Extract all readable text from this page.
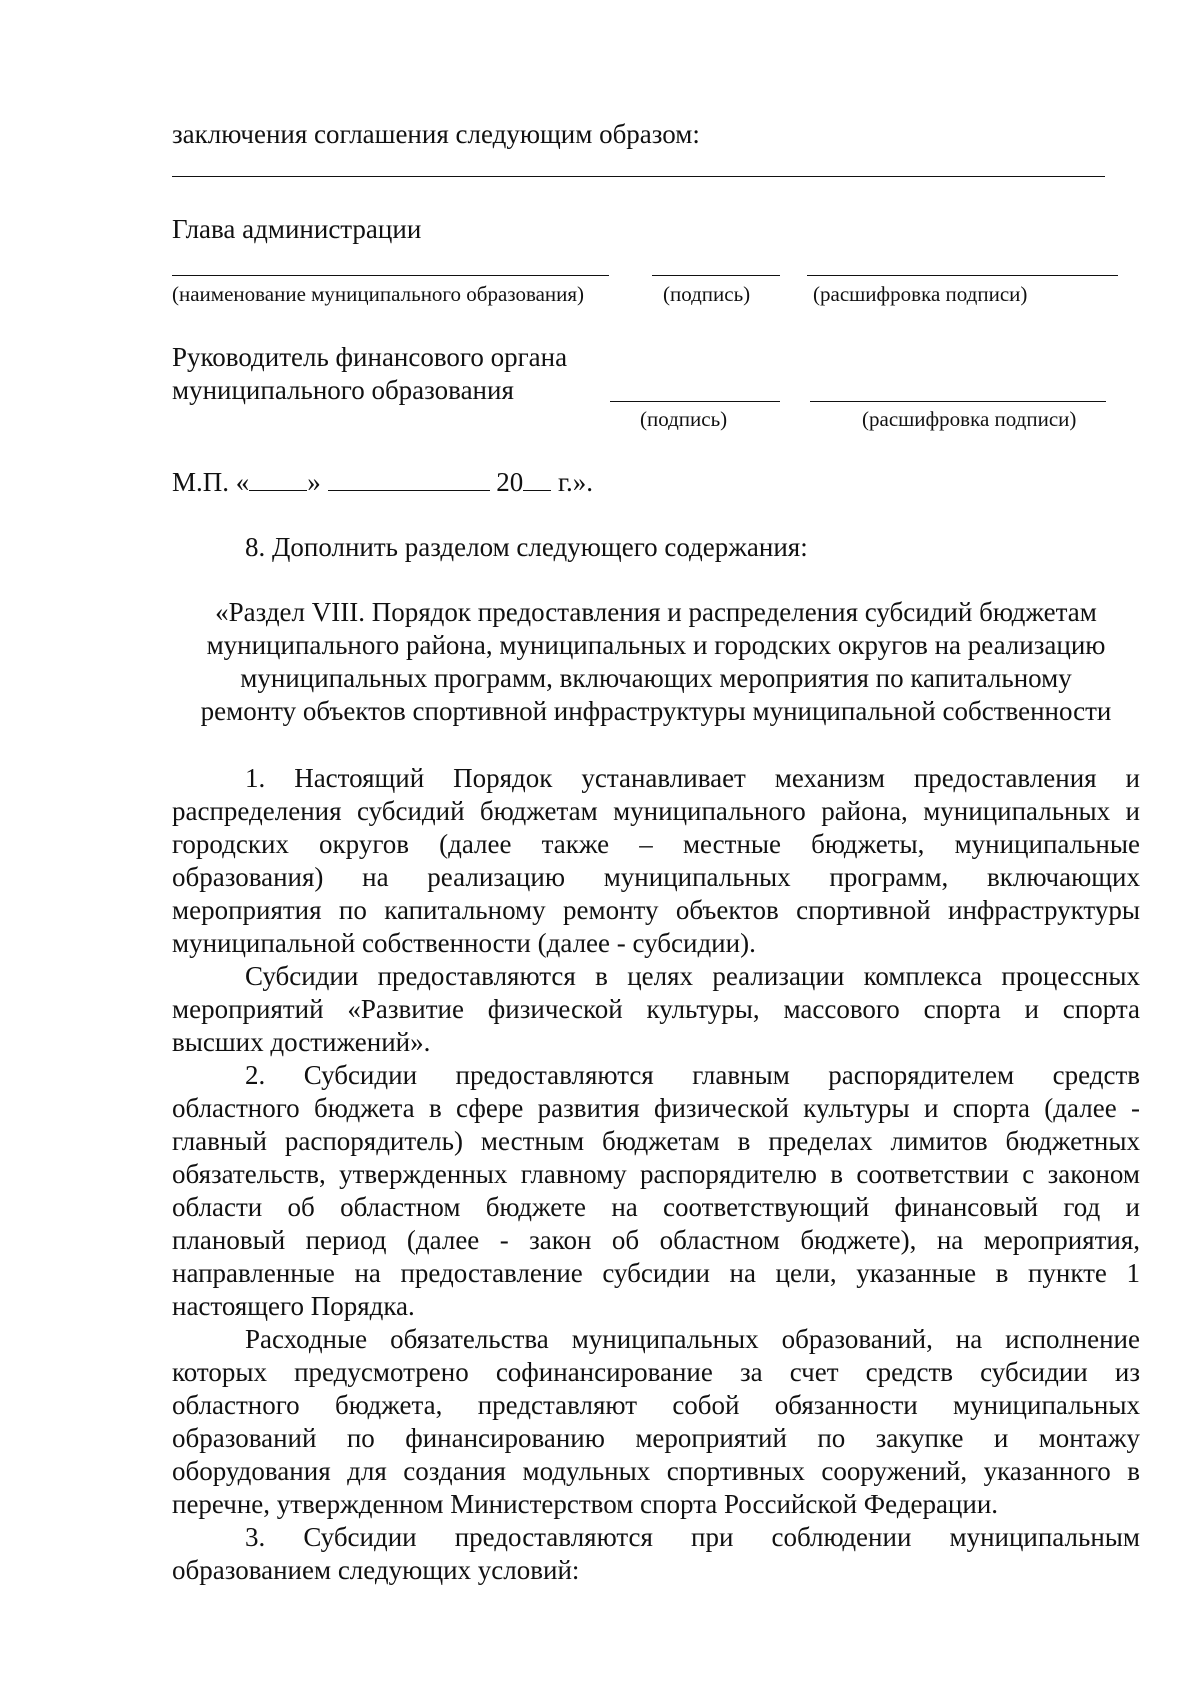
заключения соглашения следующим образом:
Глава администрации
(наименование муниципального образования)	(подпись)	(расшифровка подписи)
Руководитель финансового органа
муниципального образования
(подпись)	(расшифровка подписи)
М.П. « »	20 г.».
8. Дополнить разделом следующего содержания:
«Раздел VIII. Порядок предоставления и распределения субсидий бюджетам
муниципального района, муниципальных и городских округов на реализацию
муниципальных программ, включающих мероприятия по капитальному
ремонту объектов спортивной инфраструктуры муниципальной собственности
1. Настоящий Порядок устанавливает механизм предоставления и
распределения субсидий бюджетам муниципального района, муниципальных и
городских округов (далее также – местные бюджеты, муниципальные
образования) на реализацию муниципальных программ, включающих
мероприятия по капитальному ремонту объектов спортивной инфраструктуры
муниципальной собственности (далее - субсидии).
Субсидии предоставляются в целях реализации комплекса процессных
мероприятий «Развитие физической культуры, массового спорта и спорта
высших достижений».
2. Субсидии предоставляются главным распорядителем средств
областного бюджета в сфере развития физической культуры и спорта (далее -
главный распорядитель) местным бюджетам в пределах лимитов бюджетных
обязательств, утвержденных главному распорядителю в соответствии с законом
области об областном бюджете на соответствующий финансовый год и
плановый период (далее - закон об областном бюджете), на мероприятия,
направленные на предоставление субсидии на цели, указанные в пункте 1
настоящего Порядка.
Расходные обязательства муниципальных образований, на исполнение
которых предусмотрено софинансирование за счет средств субсидии из
областного бюджета, представляют собой обязанности муниципальных
образований по финансированию мероприятий по закупке и монтажу
оборудования для создания модульных спортивных сооружений, указанного в
перечне, утвержденном Министерством спорта Российской Федерации.
3. Субсидии предоставляются при соблюдении муниципальным
образованием следующих условий:
